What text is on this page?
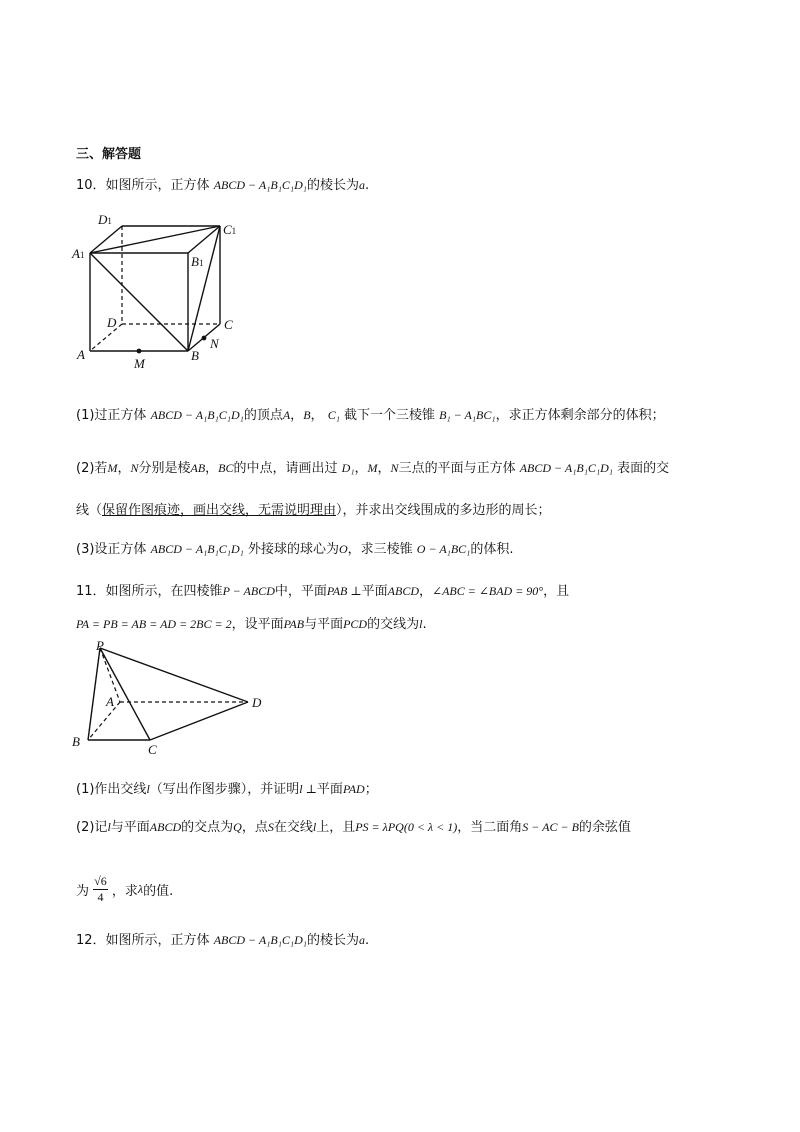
三、解答题
10．如图所示，正方体 ABCD − A₁B₁C₁D₁的棱长为a.
D1
C1
A1	B1
D	C
A
M
B
N
(1)过正方体 ABCD − A₁B₁C₁D₁的顶点A，B， C₁ 截下一个三棱锥 B₁ − A₁BC₁，求正方体剩余部分的体积；
(2)若M，N分别是棱AB，BC的中点，请画出过 D₁，M，N三点的平面与正方体 ABCD − A₁B₁C₁D₁ 表面的交
线（保留作图痕迹，画出交线，无需说明理由），并求出交线围成的多边形的周长；
(3)设正方体 ABCD − A₁B₁C₁D₁ 外接球的球心为O，求三棱锥 O − A₁BC₁的体积.
11．如图所示，在四棱锥P − ABCD中，平面PAB ⊥平面ABCD，∠ABC = ∠BAD = 90°，且
PA = PB = AB = AD = 2BC = 2，设平面PAB与平面PCD的交线为l.
P
A	D
B
C
(1)作出交线l（写出作图步骤），并证明l ⊥平面PAD；
(2)记l与平面ABCD的交点为Q，点S在交线l上，且PS = λPQ(0 < λ < 1)，当二面角S − AC − B的余弦值
为 $\frac{√6}{4}$ ，求λ的值.
12．如图所示，正方体 ABCD − A₁B₁C₁D₁的棱长为a.
